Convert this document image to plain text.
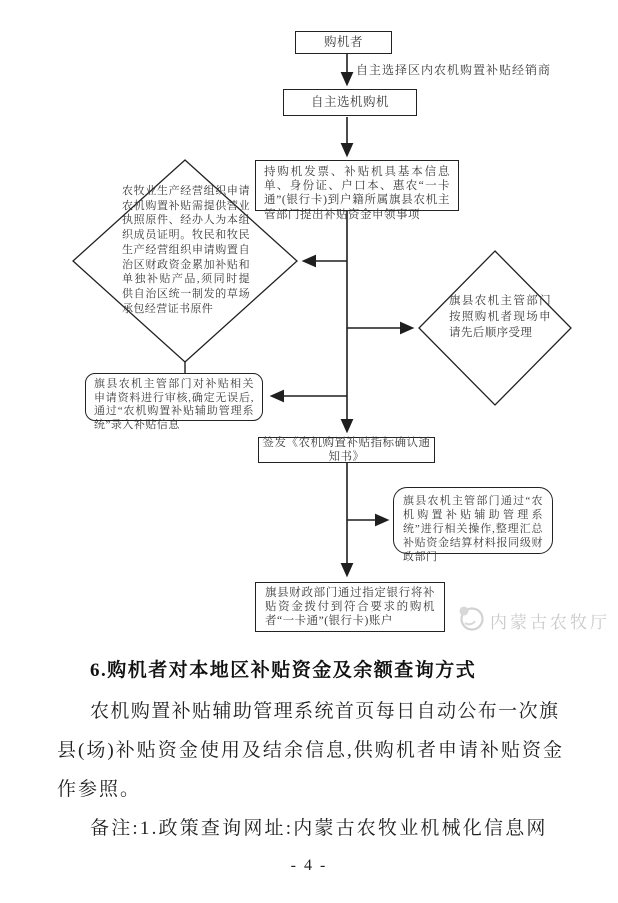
购机者
自主选择区内农机购置补贴经销商
自主选机购机
持购机发票、补贴机具基本信息单、身份证、户口本、惠农“一卡通”(银行卡)到户籍所属旗县农机主管部门提出补贴资金申领事项
农牧业生产经营组织申请农机购置补贴需提供营业执照原件、经办人为本组织成员证明。牧民和牧民生产经营组织申请购置自治区财政资金累加补贴和单独补贴产品,须同时提供自治区统一制发的草场承包经营证书原件
旗县农机主管部门按照购机者现场申请先后顺序受理
旗县农机主管部门对补贴相关申请资料进行审核,确定无误后,通过“农机购置补贴辅助管理系统”录入补贴信息
签发《农机购置补贴指标确认通知书》
旗县农机主管部门通过“农机购置补贴辅助管理系统”进行相关操作,整理汇总补贴资金结算材料报同级财政部门
旗县财政部门通过指定银行将补贴资金拨付到符合要求的购机者“一卡通”(银行卡)账户	内蒙古农牧厅
6.购机者对本地区补贴资金及余额查询方式
农机购置补贴辅助管理系统首页每日自动公布一次旗
县(场)补贴资金使用及结余信息,供购机者申请补贴资金
作参照。
备注:1.政策查询网址:内蒙古农牧业机械化信息网
- 4 -
